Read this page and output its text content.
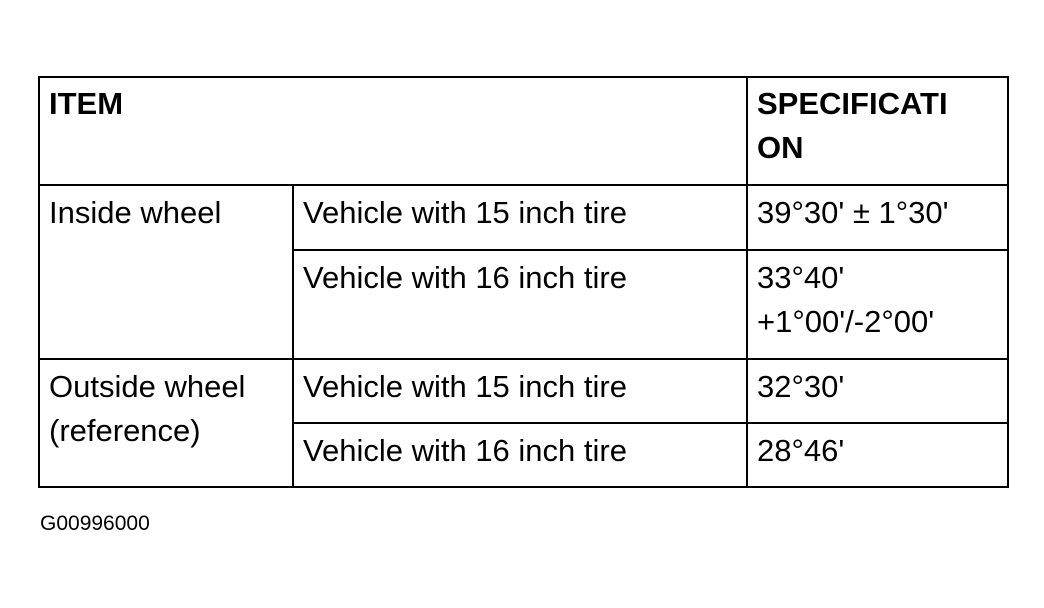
ITEM		SPECIFICATI
ON

Inside wheel	Vehicle with 15 inch tire	39°30' ± 1°30'

	Vehicle with 16 inch tire	33°40'
+1°00'/-2°00'

Outside wheel
(reference)	Vehicle with 15 inch tire	32°30'

	Vehicle with 16 inch tire	28°46'
G00996000
